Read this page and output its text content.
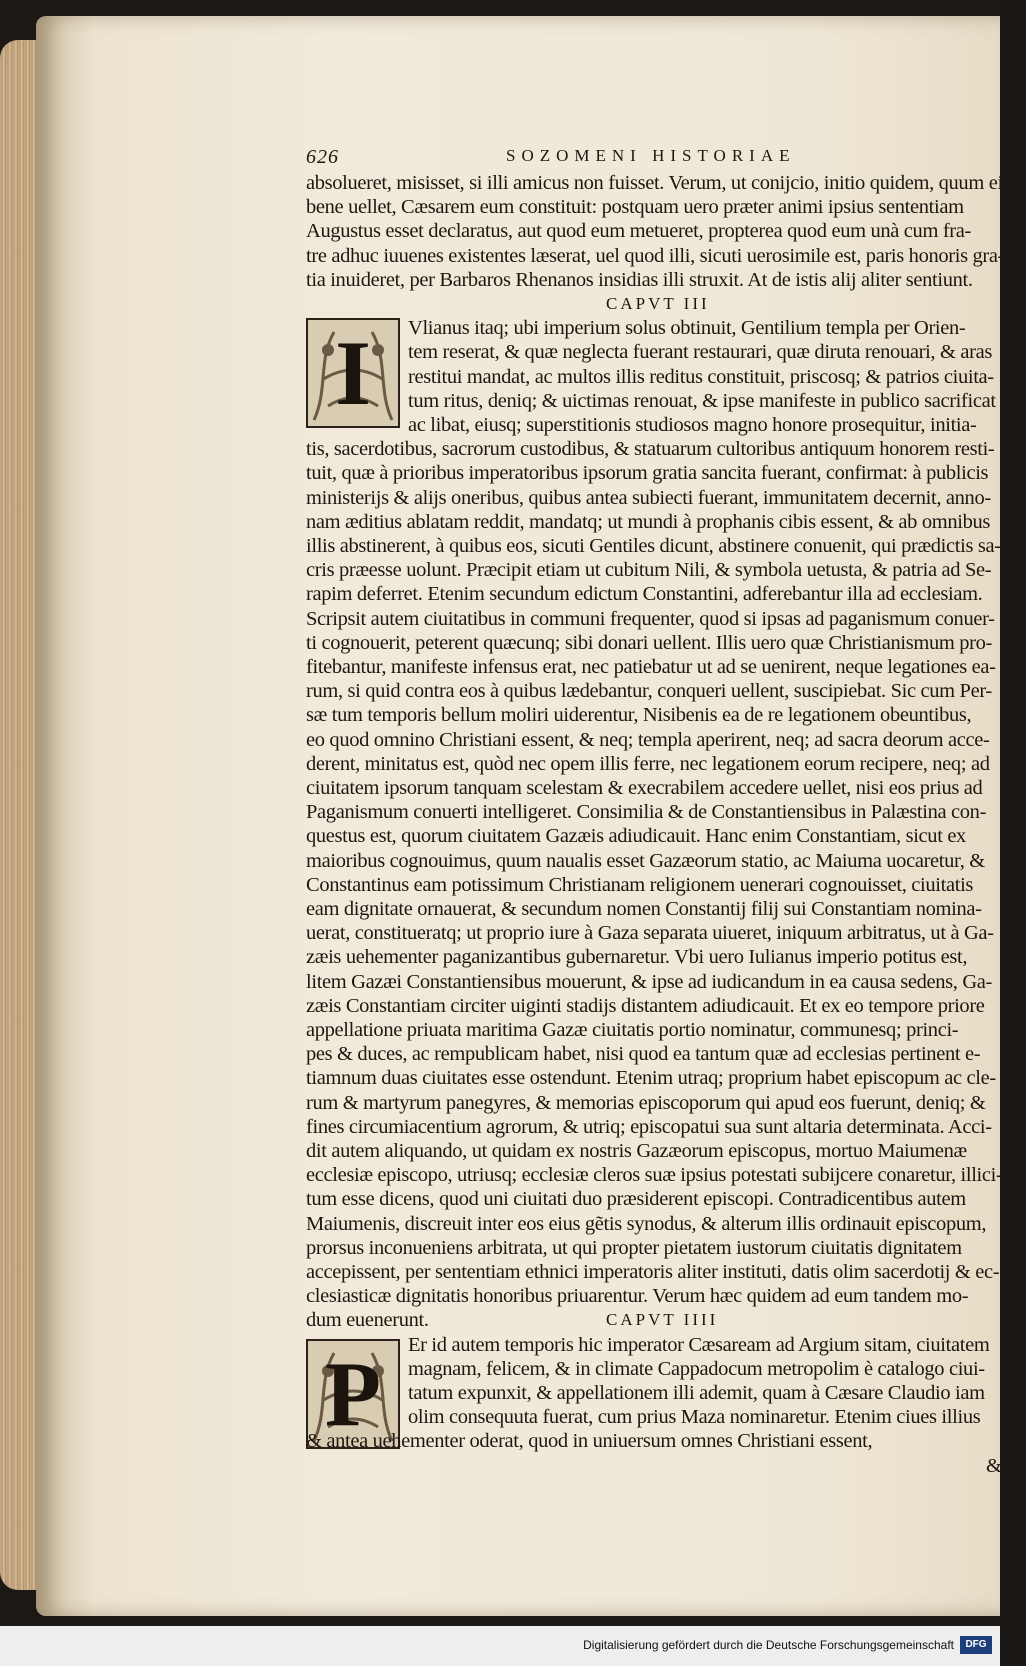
626	SOZOMENI HISTORIAE
absolueret, misisset, si illi amicus non fuisset. Verum, ut conijcio, initio quidem, quum ei
bene uellet, Cæsarem eum constituit: postquam uero præter animi ipsius sententiam
Augustus esset declaratus, aut quod eum metueret, propterea quod eum unà cum fra-
tre adhuc iuuenes existentes læserat, uel quod illi, sicuti uerosimile est, paris honoris gra-
tia inuideret, per Barbaros Rhenanos insidias illi struxit. At de istis alij aliter sentiunt.
CAPVT III
I	Vlianus itaq; ubi imperium solus obtinuit, Gentilium templa per Orien-
tem reserat, & quæ neglecta fuerant restaurari, quæ diruta renouari, & aras
restitui mandat, ac multos illis reditus constituit, priscosq; & patrios ciuita-
tum ritus, deniq; & uictimas renouat, & ipse manifeste in publico sacrificat
ac libat, eiusq; superstitionis studiosos magno honore prosequitur, initia-
tis, sacerdotibus, sacrorum custodibus, & statuarum cultoribus antiquum honorem resti-
tuit, quæ à prioribus imperatoribus ipsorum gratia sancita fuerant, confirmat: à publicis
ministerijs & alijs oneribus, quibus antea subiecti fuerant, immunitatem decernit, anno-
nam æditius ablatam reddit, mandatq; ut mundi à prophanis cibis essent, & ab omnibus
illis abstinerent, à quibus eos, sicuti Gentiles dicunt, abstinere conuenit, qui prædictis sa-
cris præesse uolunt. Præcipit etiam ut cubitum Nili, & symbola uetusta, & patria ad Se-
rapim deferret. Etenim secundum edictum Constantini, adferebantur illa ad ecclesiam.
Scripsit autem ciuitatibus in communi frequenter, quod si ipsas ad paganismum conuer-
ti cognouerit, peterent quæcunq; sibi donari uellent. Illis uero quæ Christianismum pro-
fitebantur, manifeste infensus erat, nec patiebatur ut ad se uenirent, neque legationes ea-
rum, si quid contra eos à quibus lædebantur, conqueri uellent, suscipiebat. Sic cum Per-
sæ tum temporis bellum moliri uiderentur, Nisibenis ea de re legationem obeuntibus,
eo quod omnino Christiani essent, & neq; templa aperirent, neq; ad sacra deorum acce-
derent, minitatus est, quòd nec opem illis ferre, nec legationem eorum recipere, neq; ad
ciuitatem ipsorum tanquam scelestam & execrabilem accedere uellet, nisi eos prius ad
Paganismum conuerti intelligeret. Consimilia & de Constantiensibus in Palæstina con-
questus est, quorum ciuitatem Gazæis adiudicauit. Hanc enim Constantiam, sicut ex
maioribus cognouimus, quum naualis esset Gazæorum statio, ac Maiuma uocaretur, &
Constantinus eam potissimum Christianam religionem uenerari cognouisset, ciuitatis
eam dignitate ornauerat, & secundum nomen Constantij filij sui Constantiam nomina-
uerat, constitueratq; ut proprio iure à Gaza separata uiueret, iniquum arbitratus, ut à Ga-
zæis uehementer paganizantibus gubernaretur. Vbi uero Iulianus imperio potitus est,
litem Gazæi Constantiensibus mouerunt, & ipse ad iudicandum in ea causa sedens, Ga-
zæis Constantiam circiter uiginti stadijs distantem adiudicauit. Et ex eo tempore priore
appellatione priuata maritima Gazæ ciuitatis portio nominatur, communesq; princi-
pes & duces, ac rempublicam habet, nisi quod ea tantum quæ ad ecclesias pertinent e-
tiamnum duas ciuitates esse ostendunt. Etenim utraq; proprium habet episcopum ac cle-
rum & martyrum panegyres, & memorias episcoporum qui apud eos fuerunt, deniq; &
fines circumiacentium agrorum, & utriq; episcopatui sua sunt altaria determinata. Acci-
dit autem aliquando, ut quidam ex nostris Gazæorum episcopus, mortuo Maiumenæ
ecclesiæ episcopo, utriusq; ecclesiæ cleros suæ ipsius potestati subijcere conaretur, illici-
tum esse dicens, quod uni ciuitati duo præsiderent episcopi. Contradicentibus autem
Maiumenis, discreuit inter eos eius gẽtis synodus, & alterum illis ordinauit episcopum,
prorsus inconueniens arbitrata, ut qui propter pietatem iustorum ciuitatis dignitatem
accepissent, per sententiam ethnici imperatoris aliter instituti, datis olim sacerdotij & ec-
clesiasticæ dignitatis honoribus priuarentur. Verum hæc quidem ad eum tandem mo-
dum euenerunt.	CAPVT IIII
P	Er id autem temporis hic imperator Cæsaream ad Argium sitam, ciuitatem
magnam, felicem, & in climate Cappadocum metropolim è catalogo ciui-
tatum expunxit, & appellationem illi ademit, quam à Cæsare Claudio iam
olim consequuta fuerat, cum prius Maza nominaretur. Etenim ciues illius
& antea uehementer oderat, quod in uniuersum omnes Christiani essent,
&
Digitalisierung gefördert durch die Deutsche Forschungsgemeinschaft	DFG
